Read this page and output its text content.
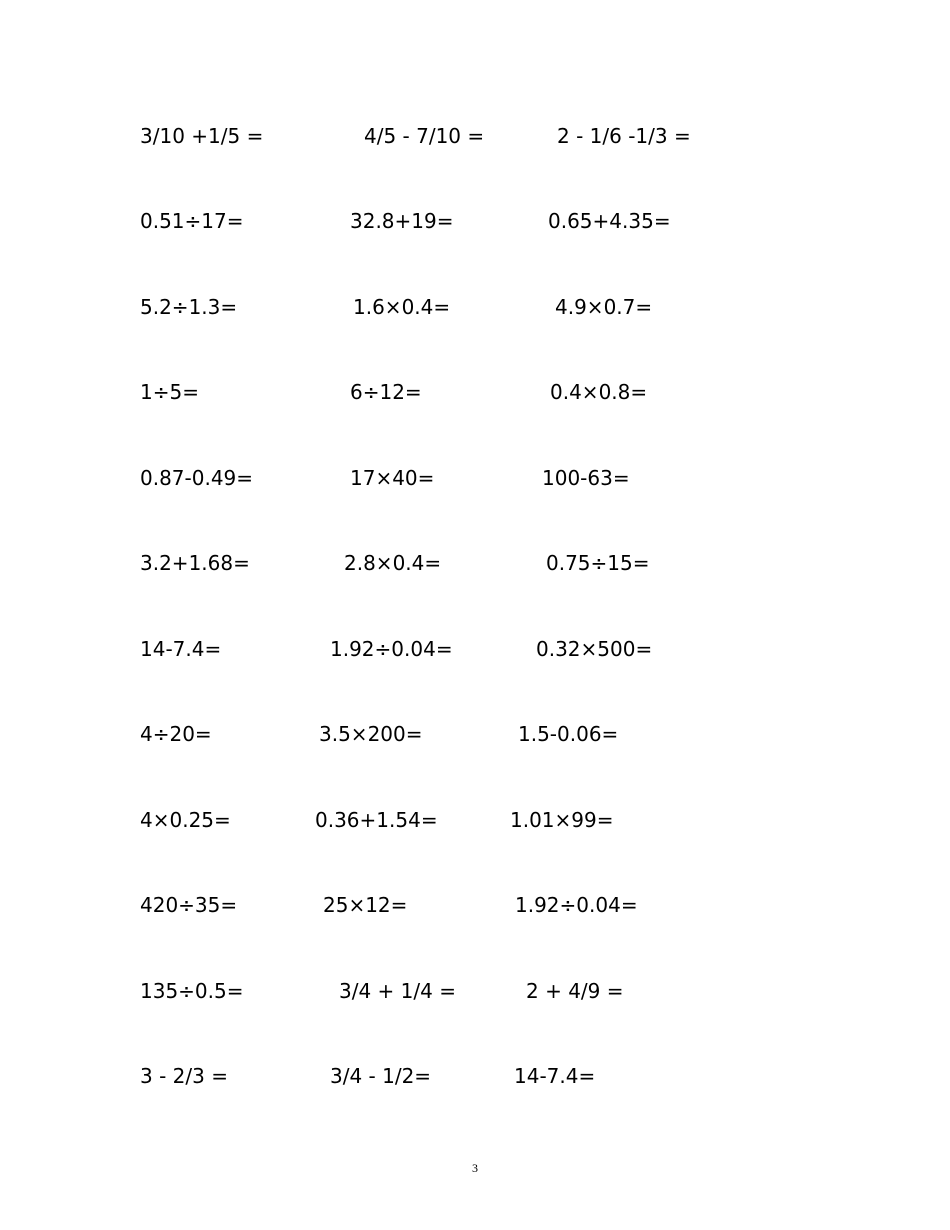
3/10 +1/5 =	4/5 - 7/10 =	2 - 1/6 -1/3 =
0.51÷17=	32.8+19=	0.65+4.35=
5.2÷1.3=	1.6×0.4=	4.9×0.7=
1÷5=	6÷12=	0.4×0.8=
0.87-0.49=	17×40=	100-63=
3.2+1.68=	2.8×0.4=	0.75÷15=
14-7.4=	1.92÷0.04=	0.32×500=
4÷20=	3.5×200=	1.5-0.06=
4×0.25=	0.36+1.54=	1.01×99=
420÷35=	25×12=	1.92÷0.04=
135÷0.5=	3/4 + 1/4 =	2 + 4/9 =
3 - 2/3 =	3/4 - 1/2=	14-7.4=
3
